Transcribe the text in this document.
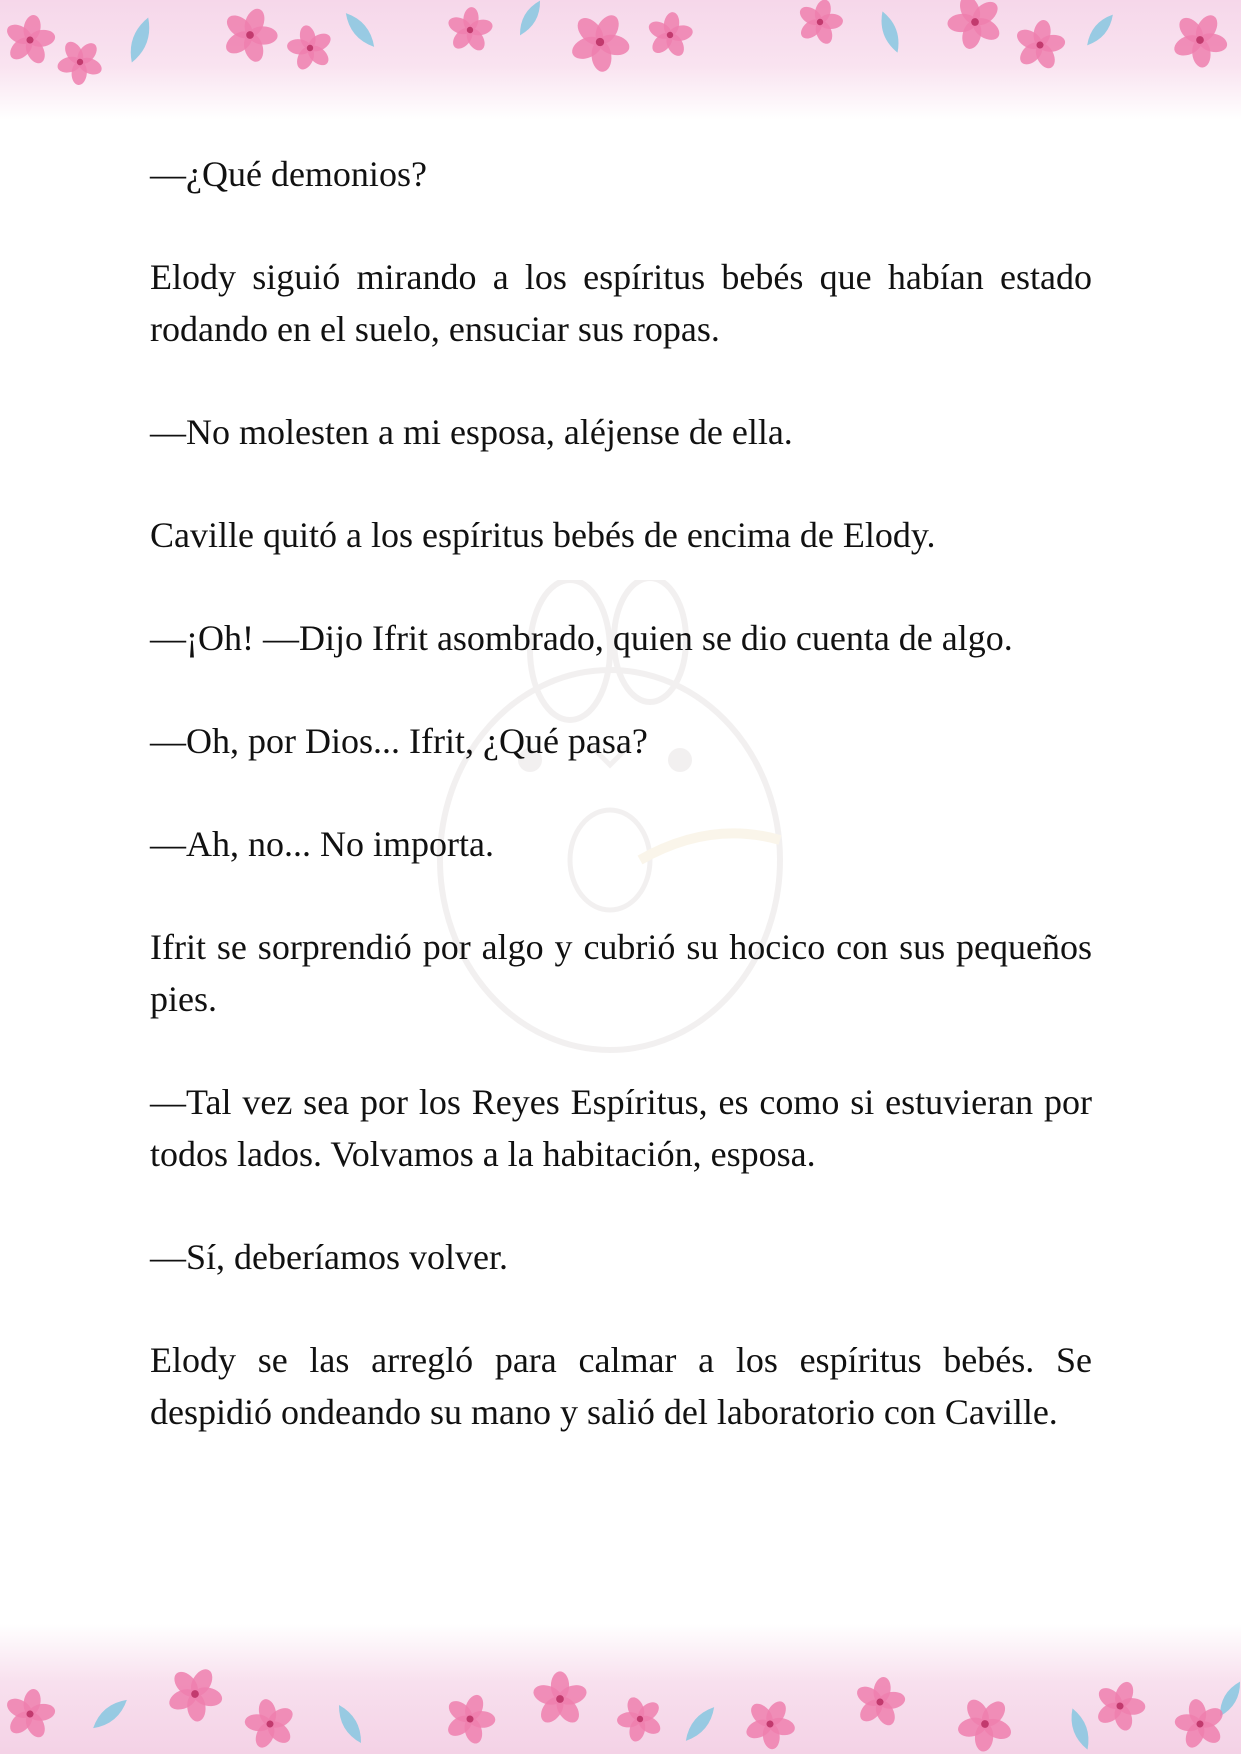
—¿Qué demonios?

Elody siguió mirando a los espíritus bebés que habían estado rodando en el suelo, ensuciar sus ropas.

—No molesten a mi esposa, aléjense de ella.

Caville quitó a los espíritus bebés de encima de Elody.

—¡Oh! —Dijo Ifrit asombrado, quien se dio cuenta de algo.

—Oh, por Dios... Ifrit, ¿Qué pasa?

—Ah, no... No importa.

Ifrit se sorprendió por algo y cubrió su hocico con sus pequeños pies.

—Tal vez sea por los Reyes Espíritus, es como si estuvieran por todos lados. Volvamos a la habitación, esposa.

—Sí, deberíamos volver.

Elody se las arregló para calmar a los espíritus bebés. Se despidió ondeando su mano y salió del laboratorio con Caville.
